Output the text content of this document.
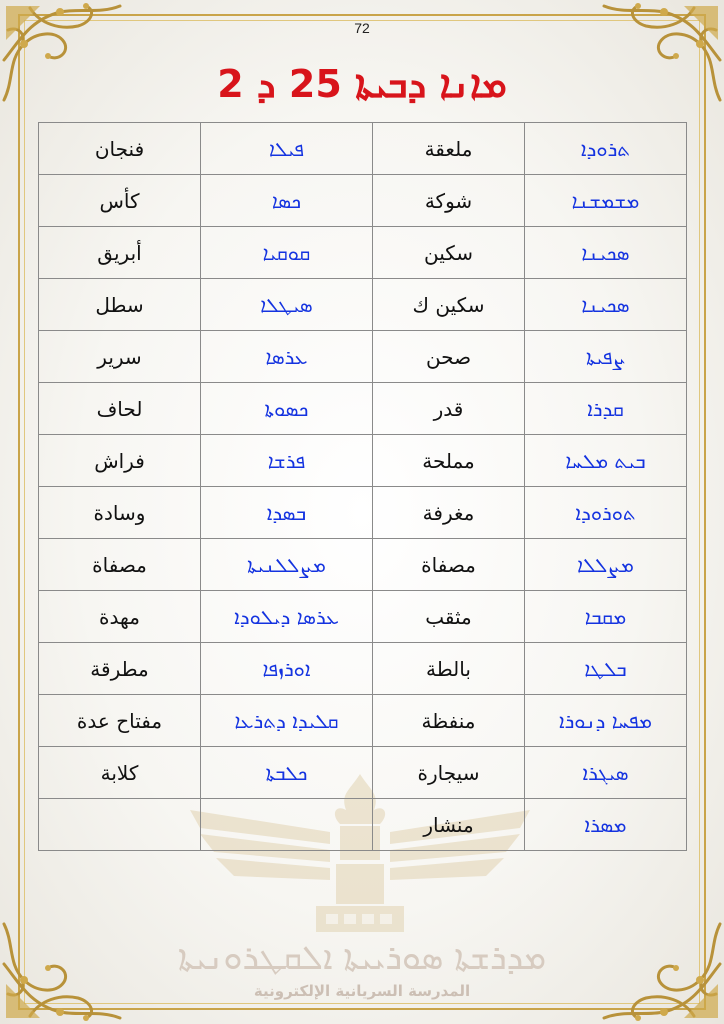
ܡܕܪܫܬܐ ܣܘܪܝܝܬܐ ܐܠܩܛܪܘܢܝܬܐ
المدرسة السريانية الإلكترونية
72
ܡܐܢܐ ܕܒܝܬܐ 25 ܕ 2
فنجان	ܦܝܠܐ	ملعقة	ܬܪܘܕܐ
كأس	ܟܣܐ	شوكة	ܡܫܡܫܢܐ
أبريق	ܩܘܩܝܐ	سكين	ܣܟܝܢܐ
سطل	ܣܝܛܠܐ	سكين ك	ܣܟܝܢܐ
سرير	ܥܪܣܐ	صحن	ܨܦܝܬܐ
لحاف	ܟܣܘܬܐ	قدر	ܩܕܪܐ
فراش	ܦܪܫܐ	مملحة	ܒܝܬ ܡܠܚܐ
وسادة	ܒܣܕܐ	مغرفة	ܬܘܪܘܕܐ
مصفاة	ܡܨܠܠܢܝܬܐ	مصفاة	ܡܨܠܠܐ
مهدة	ܥܪܣܐ ܕܝܠܘܕܐ	مثقب	ܡܩܒܐ
مطرقة	ܐܘܪܙܦܐ	بالطة	ܒܠܛܐ
مفتاح عدة	ܩܠܝܕܐ ܕܬܪܥܐ	منفظة	ܡܦܚܐ ܕܢܘܪܐ
كلابة	ܟܠܒܬܐ	سيجارة	ܣܝܓܪܐ
		منشار	ܡܣܪܐ
